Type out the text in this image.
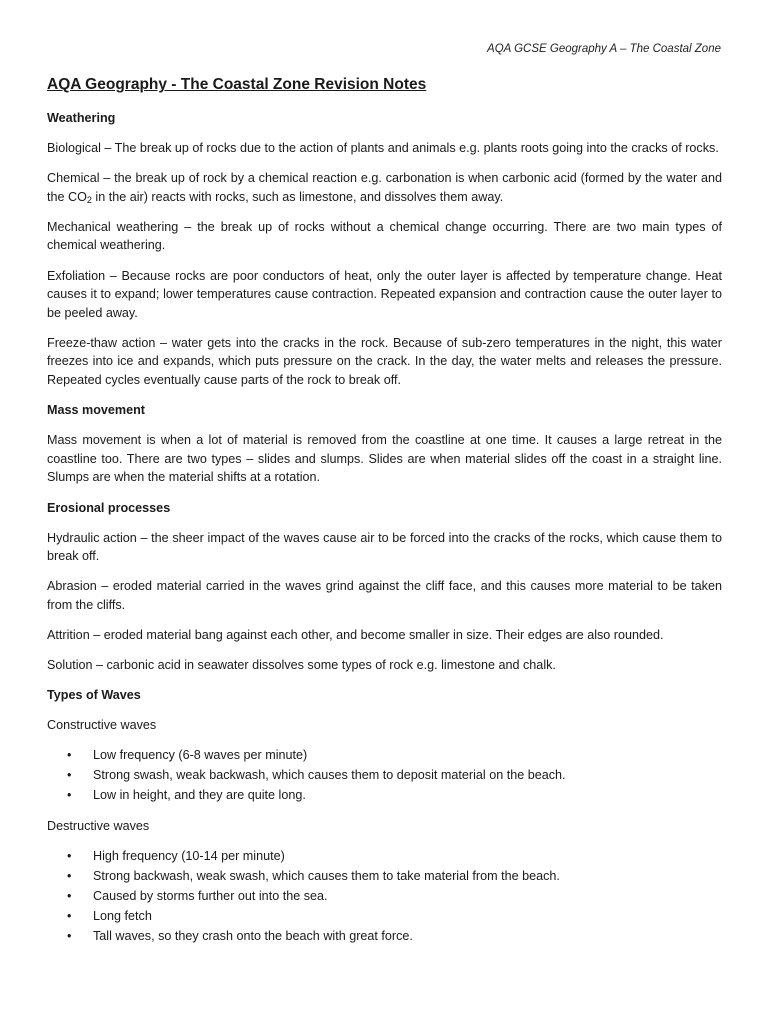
AQA GCSE Geography A – The Coastal Zone
AQA Geography - The Coastal Zone Revision Notes
Weathering

Biological – The break up of rocks due to the action of plants and animals e.g. plants roots going into the cracks of rocks.

Chemical – the break up of rock by a chemical reaction e.g. carbonation is when carbonic acid (formed by the water and the $CO_2$ in the air) reacts with rocks, such as limestone, and dissolves them away.

Mechanical weathering – the break up of rocks without a chemical change occurring. There are two main types of chemical weathering.

Exfoliation – Because rocks are poor conductors of heat, only the outer layer is affected by temperature change. Heat causes it to expand; lower temperatures cause contraction. Repeated expansion and contraction cause the outer layer to be peeled away.

Freeze-thaw action – water gets into the cracks in the rock. Because of sub-zero temperatures in the night, this water freezes into ice and expands, which puts pressure on the crack. In the day, the water melts and releases the pressure. Repeated cycles eventually cause parts of the rock to break off.

Mass movement

Mass movement is when a lot of material is removed from the coastline at one time. It causes a large retreat in the coastline too. There are two types – slides and slumps. Slides are when material slides off the coast in a straight line. Slumps are when the material shifts at a rotation.

Erosional processes

Hydraulic action – the sheer impact of the waves cause air to be forced into the cracks of the rocks, which cause them to break off.

Abrasion – eroded material carried in the waves grind against the cliff face, and this causes more material to be taken from the cliffs.

Attrition – eroded material bang against each other, and become smaller in size. Their edges are also rounded.

Solution – carbonic acid in seawater dissolves some types of rock e.g. limestone and chalk.

Types of Waves
Constructive waves
• Low frequency (6-8 waves per minute)
• Strong swash, weak backwash, which causes them to deposit material on the beach.
• Low in height, and they are quite long.
Destructive waves
• High frequency (10-14 per minute)
• Strong backwash, weak swash, which causes them to take material from the beach.
• Caused by storms further out into the sea.
• Long fetch
• Tall waves, so they crash onto the beach with great force.
